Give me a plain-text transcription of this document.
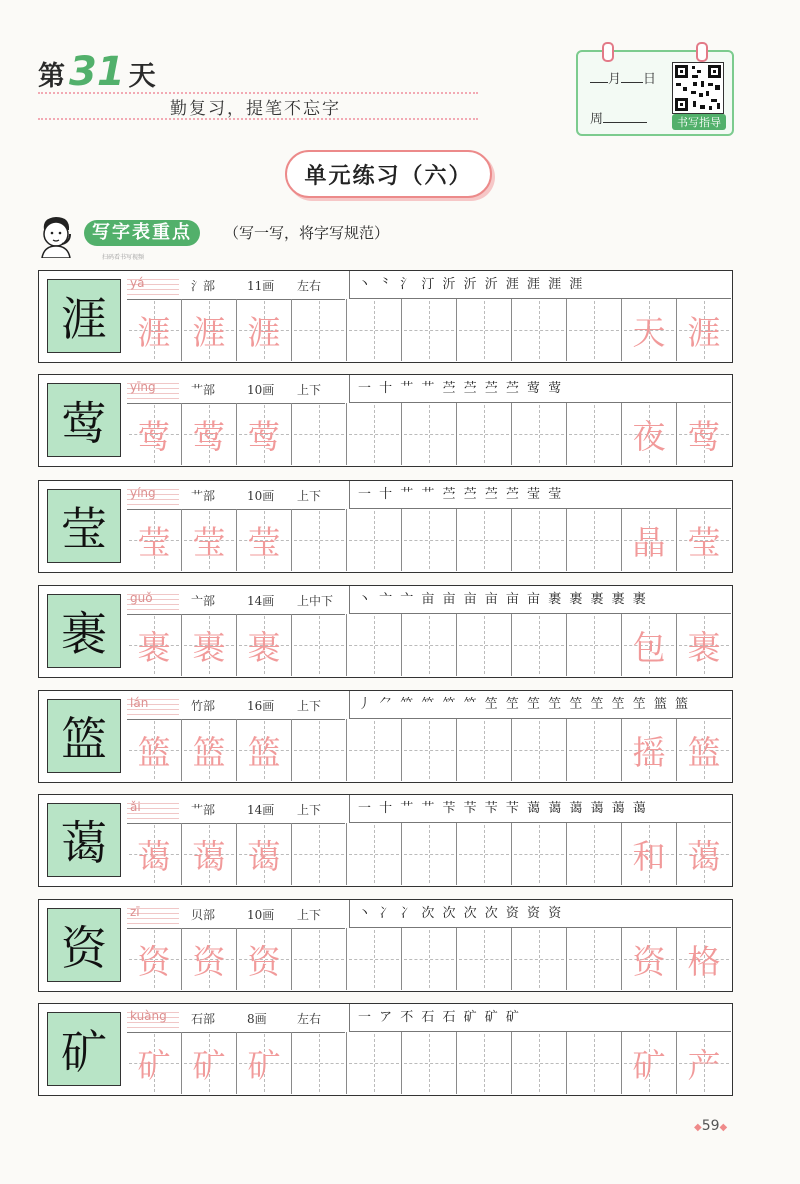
第 31 天
勤复习，提笔不忘字
月 日
周	书写指导
单元练习（六）
写字表重点	（写一写，将字写规范）
扫码看书写视频
涯
yá	氵部	11画 左右	丶 ⺀ 氵 汀 沂 沂 沂 涯 涯 涯 涯
涯 涯 涯	天 涯
莺
yīng	艹部	10画 上下	一 十 艹 艹 苎 苎 苎 苎 莺 莺
莺 莺 莺	夜 莺
莹
yíng	艹部	10画 上下	一 十 艹 艹 苎 苎 苎 苎 莹 莹
莹 莹 莹	晶 莹
裹
guǒ	亠部	14画 上中下	丶 亠 亠 亩 亩 亩 亩 亩 亩 裹 裹 裹 裹 裹
裹 裹 裹	包 裹
篮
lán	竹部	16画 上下	丿 ⺈ 𥫗 𥫗 𥫗 𥫗 笁 笁 笁 笁 笁 笁 笁 笁 篮 篮
篮 篮 篮	摇 篮
蔼
ǎi	艹部	14画 上下	一 十 艹 艹 芐 芐 芐 芐 蔼 蔼 蔼 蔼 蔼 蔼
蔼 蔼 蔼	和 蔼
资
zī	贝部	10画 上下	丶 冫 冫 次 次 次 次 资 资 资
资 资 资	资 格
矿
kuàng	石部	8画	左右	一 ア 不 石 石 矿 矿 矿
矿 矿 矿	矿 产
◆59◆
